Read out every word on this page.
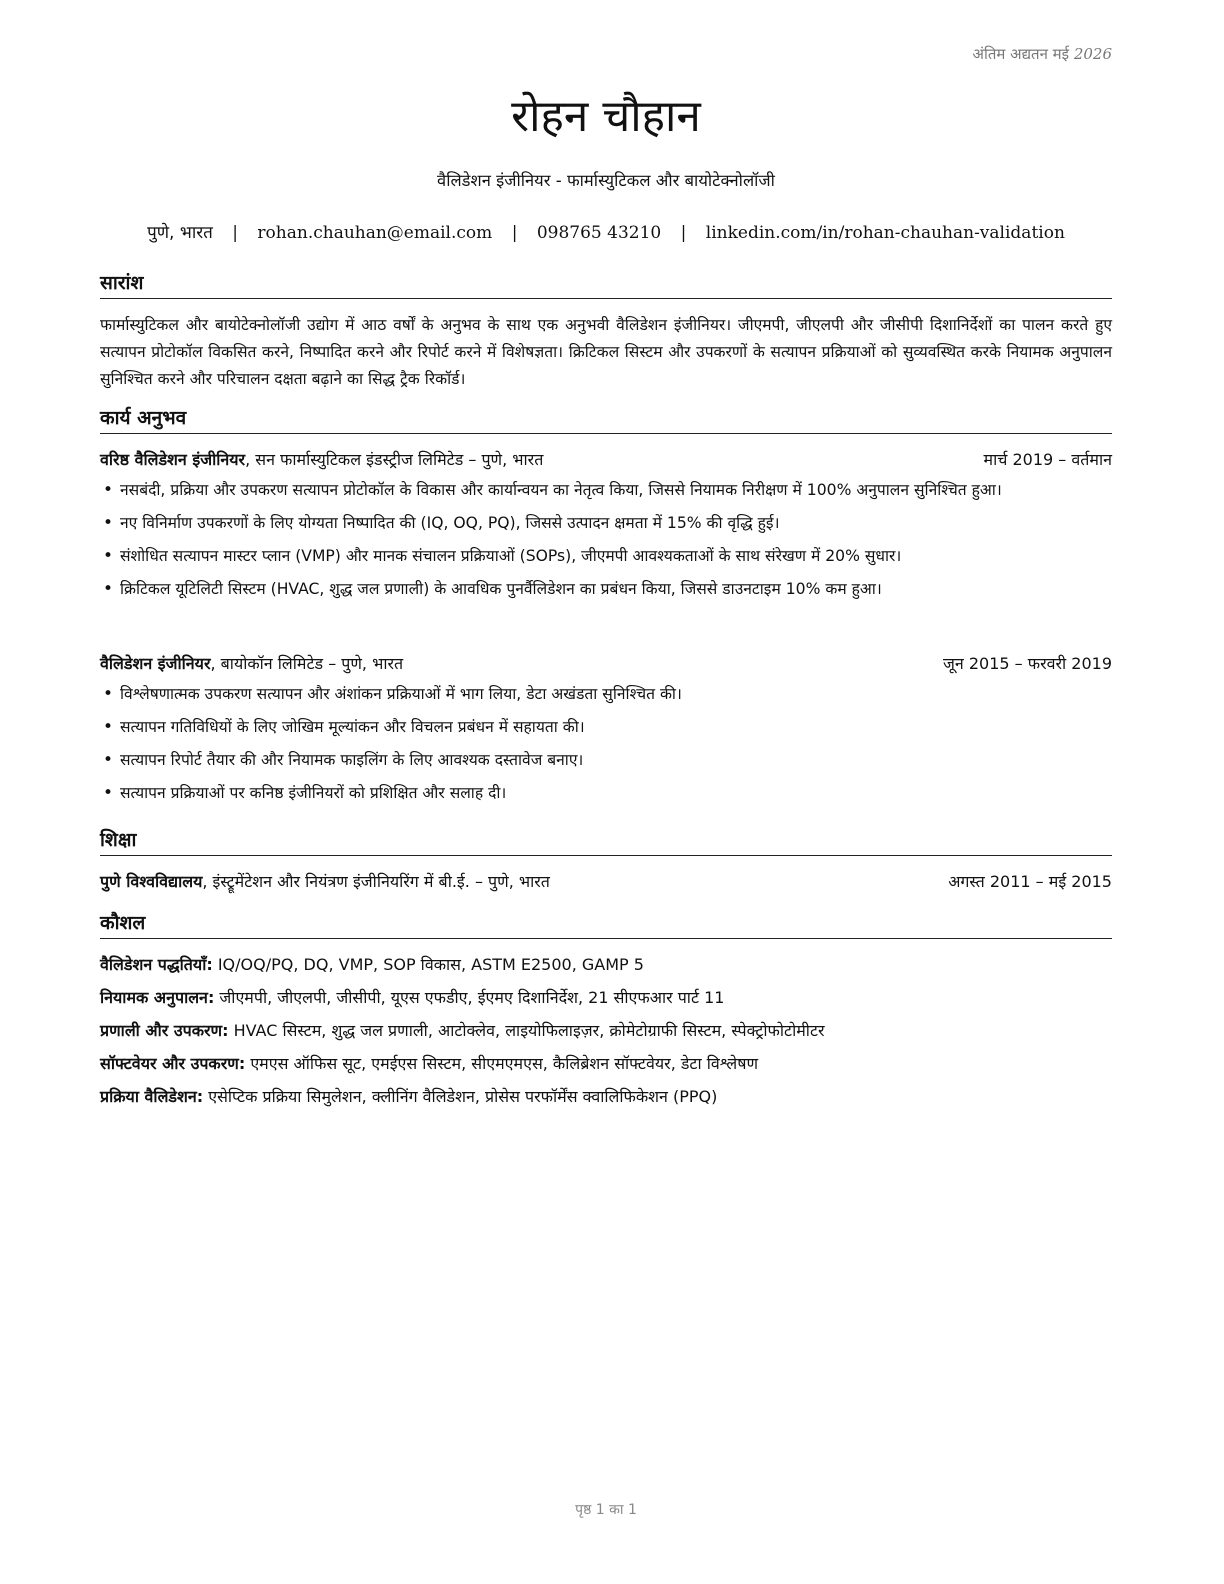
अंतिम अद्यतन मई 2026
रोहन चौहान
वैलिडेशन इंजीनियर - फार्मास्युटिकल और बायोटेक्नोलॉजी
पुणे, भारत | rohan.chauhan@email.com | 098765 43210 | linkedin.com/in/rohan-chauhan-validation
सारांश

फार्मास्युटिकल और बायोटेक्नोलॉजी उद्योग में आठ वर्षों के अनुभव के साथ एक अनुभवी वैलिडेशन इंजीनियर। जीएमपी, जीएलपी और जीसीपी दिशानिर्देशों का पालन करते हुए सत्यापन प्रोटोकॉल विकसित करने, निष्पादित करने और रिपोर्ट करने में विशेषज्ञता। क्रिटिकल सिस्टम और उपकरणों के सत्यापन प्रक्रियाओं को सुव्यवस्थित करके नियामक अनुपालन सुनिश्चित करने और परिचालन दक्षता बढ़ाने का सिद्ध ट्रैक रिकॉर्ड।

कार्य अनुभव
वरिष्ठ वैलिडेशन इंजीनियर, सन फार्मास्युटिकल इंडस्ट्रीज लिमिटेड – पुणे, भारत	मार्च 2019 – वर्तमान
• नसबंदी, प्रक्रिया और उपकरण सत्यापन प्रोटोकॉल के विकास और कार्यान्वयन का नेतृत्व किया, जिससे नियामक निरीक्षण में 100% अनुपालन सुनिश्चित हुआ।
• नए विनिर्माण उपकरणों के लिए योग्यता निष्पादित की (IQ, OQ, PQ), जिससे उत्पादन क्षमता में 15% की वृद्धि हुई।
• संशोधित सत्यापन मास्टर प्लान (VMP) और मानक संचालन प्रक्रियाओं (SOPs), जीएमपी आवश्यकताओं के साथ संरेखण में 20% सुधार।
• क्रिटिकल यूटिलिटी सिस्टम (HVAC, शुद्ध जल प्रणाली) के आवधिक पुनर्वैलिडेशन का प्रबंधन किया, जिससे डाउनटाइम 10% कम हुआ।
वैलिडेशन इंजीनियर, बायोकॉन लिमिटेड – पुणे, भारत	जून 2015 – फरवरी 2019
• विश्लेषणात्मक उपकरण सत्यापन और अंशांकन प्रक्रियाओं में भाग लिया, डेटा अखंडता सुनिश्चित की।
• सत्यापन गतिविधियों के लिए जोखिम मूल्यांकन और विचलन प्रबंधन में सहायता की।
• सत्यापन रिपोर्ट तैयार की और नियामक फाइलिंग के लिए आवश्यक दस्तावेज बनाए।
• सत्यापन प्रक्रियाओं पर कनिष्ठ इंजीनियरों को प्रशिक्षित और सलाह दी।
शिक्षा
पुणे विश्वविद्यालय, इंस्ट्रूमेंटेशन और नियंत्रण इंजीनियरिंग में बी.ई. – पुणे, भारत	अगस्त 2011 – मई 2015
कौशल
वैलिडेशन पद्धतियाँ: IQ/OQ/PQ, DQ, VMP, SOP विकास, ASTM E2500, GAMP 5
नियामक अनुपालन: जीएमपी, जीएलपी, जीसीपी, यूएस एफडीए, ईएमए दिशानिर्देश, 21 सीएफआर पार्ट 11
प्रणाली और उपकरण: HVAC सिस्टम, शुद्ध जल प्रणाली, आटोक्लेव, लाइयोफिलाइज़र, क्रोमेटोग्राफी सिस्टम, स्पेक्ट्रोफोटोमीटर
सॉफ्टवेयर और उपकरण: एमएस ऑफिस सूट, एमईएस सिस्टम, सीएमएमएस, कैलिब्रेशन सॉफ्टवेयर, डेटा विश्लेषण
प्रक्रिया वैलिडेशन: एसेप्टिक प्रक्रिया सिमुलेशन, क्लीनिंग वैलिडेशन, प्रोसेस परफॉर्मेंस क्वालिफिकेशन (PPQ)
पृष्ठ 1 का 1
